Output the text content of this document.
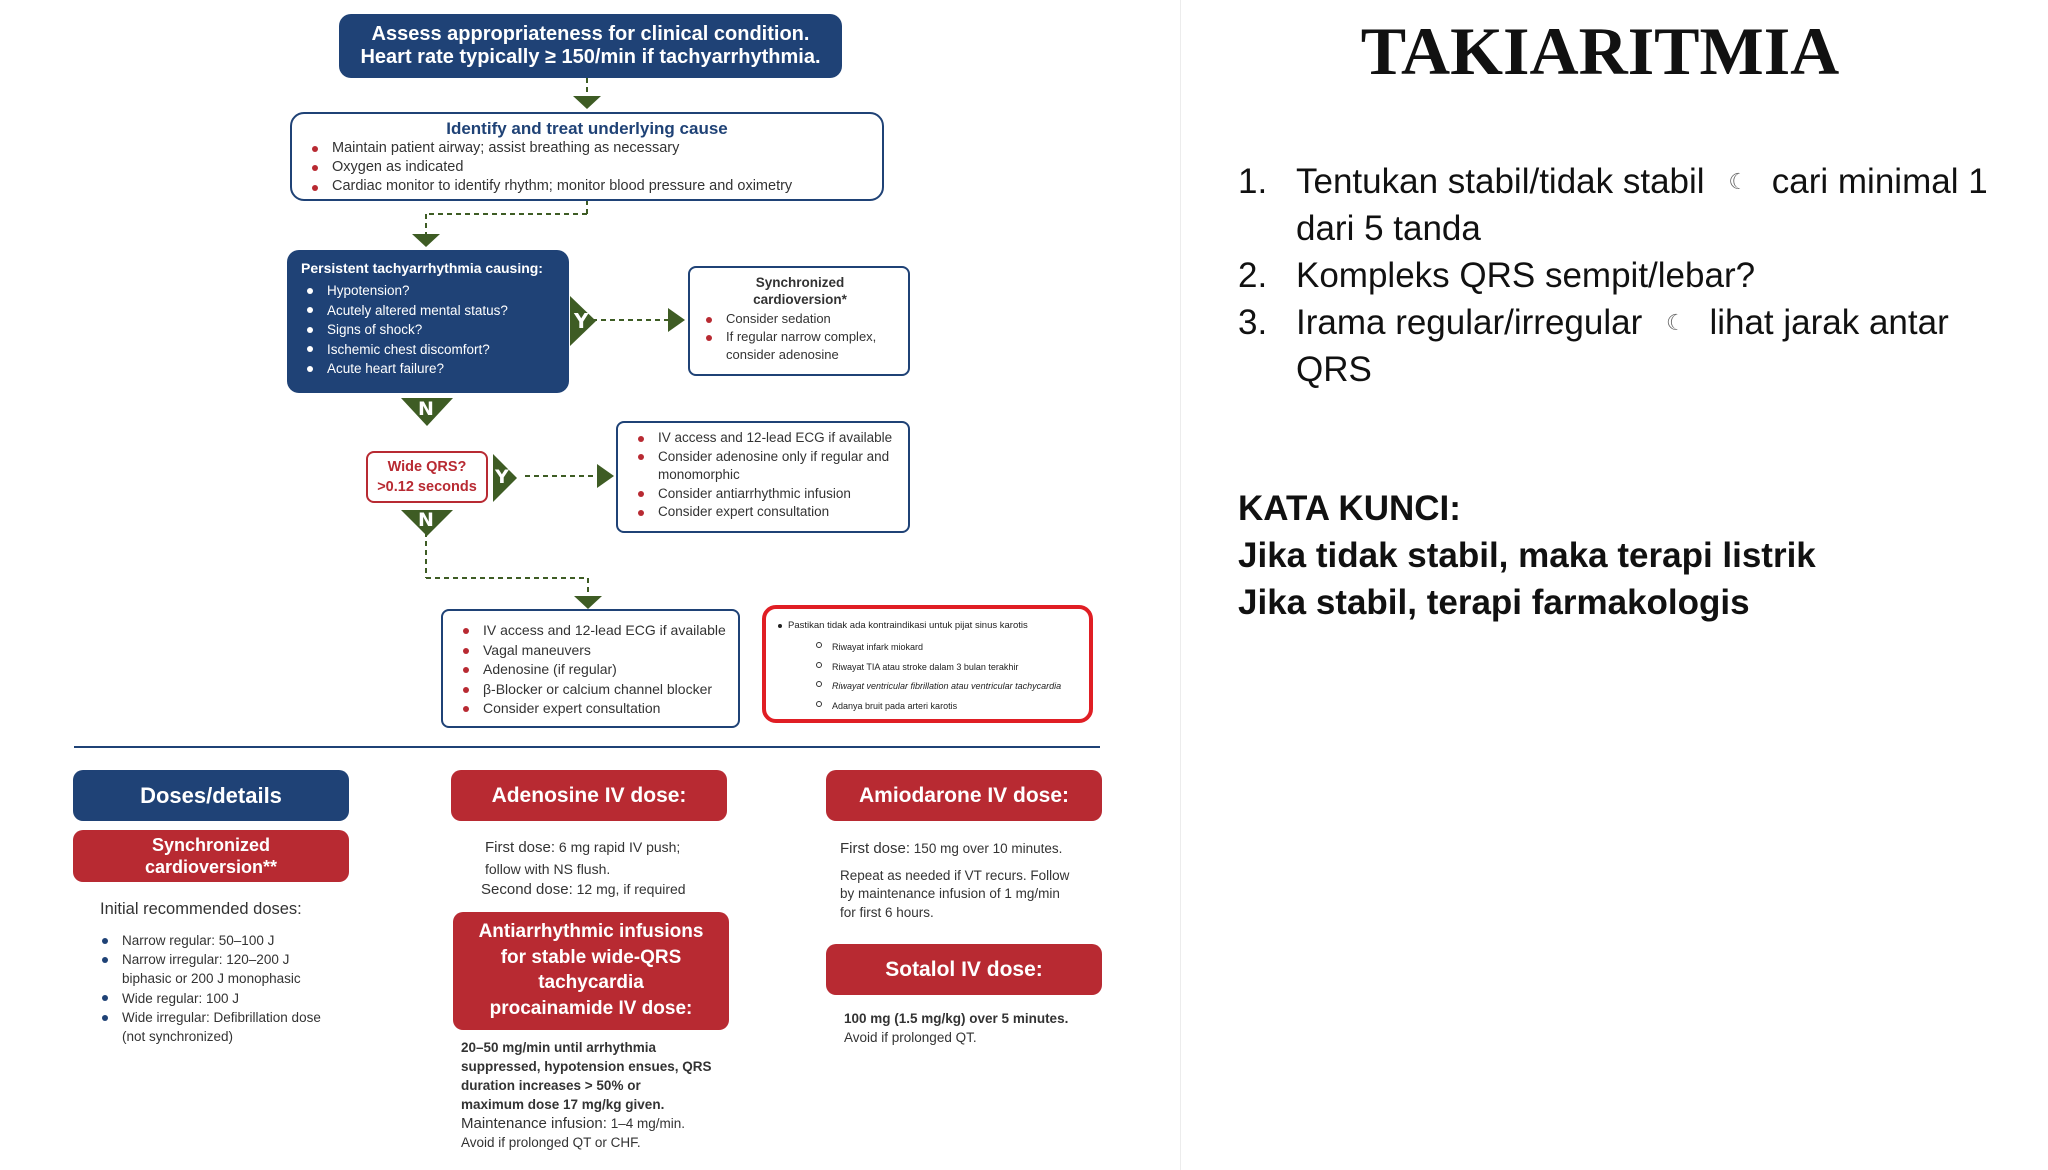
Y
N
Y
N
Assess appropriateness for clinical condition.
Heart rate typically ≥ 150/min if tachyarrhythmia.
Identify and treat underlying cause
Maintain patient airway; assist breathing as necessary
Oxygen as indicated
Cardiac monitor to identify rhythm; monitor blood pressure and oximetry
Persistent tachyarrhythmia causing:
Hypotension?
Acutely altered mental status?
Signs of shock?
Ischemic chest discomfort?
Acute heart failure?
Synchronized
cardioversion*
Consider sedation
If regular narrow complex, consider adenosine
Wide QRS?
>0.12 seconds
IV access and 12-lead ECG if available
Consider adenosine only if regular and monomorphic
Consider antiarrhythmic infusion
Consider expert consultation
IV access and 12-lead ECG if available
Vagal maneuvers
Adenosine (if regular)
β-Blocker or calcium channel blocker
Consider expert consultation
Pastikan tidak ada kontraindikasi untuk pijat sinus karotis
Riwayat infark miokard
Riwayat TIA atau stroke dalam 3 bulan terakhir
Riwayat ventricular fibrillation atau ventricular tachycardia
Adanya bruit pada arteri karotis
Doses/details
Synchronized
cardioversion**
Initial recommended doses:
Narrow regular: 50–100 J
Narrow irregular: 120–200 J biphasic or 200 J monophasic
Wide regular: 100 J
Wide irregular: Defibrillation dose (not synchronized)
Adenosine IV dose:
First dose: 6 mg rapid IV push;
follow with NS flush.
Second dose: 12 mg, if required
Antiarrhythmic infusions
for stable wide-QRS
tachycardia
procainamide IV dose:
20–50 mg/min until arrhythmia
suppressed, hypotension ensues, QRS
duration increases > 50% or
maximum dose 17 mg/kg given.
Maintenance infusion: 1–4 mg/min.
Avoid if prolonged QT or CHF.
Amiodarone IV dose:
First dose: 150 mg over 10 minutes.
Repeat as needed if VT recurs. Follow
by maintenance infusion of 1 mg/min
for first 6 hours.
Sotalol IV dose:
100 mg (1.5 mg/kg) over 5 minutes.
Avoid if prolonged QT.
TAKIARITMIA
1. Tentukan stabil/tidak stabil ☾ cari minimal 1 dari 5 tanda
2. Kompleks QRS sempit/lebar?
3. Irama regular/irregular ☾ lihat jarak antar QRS
KATA KUNCI:
Jika tidak stabil, maka terapi listrik
Jika stabil, terapi farmakologis
